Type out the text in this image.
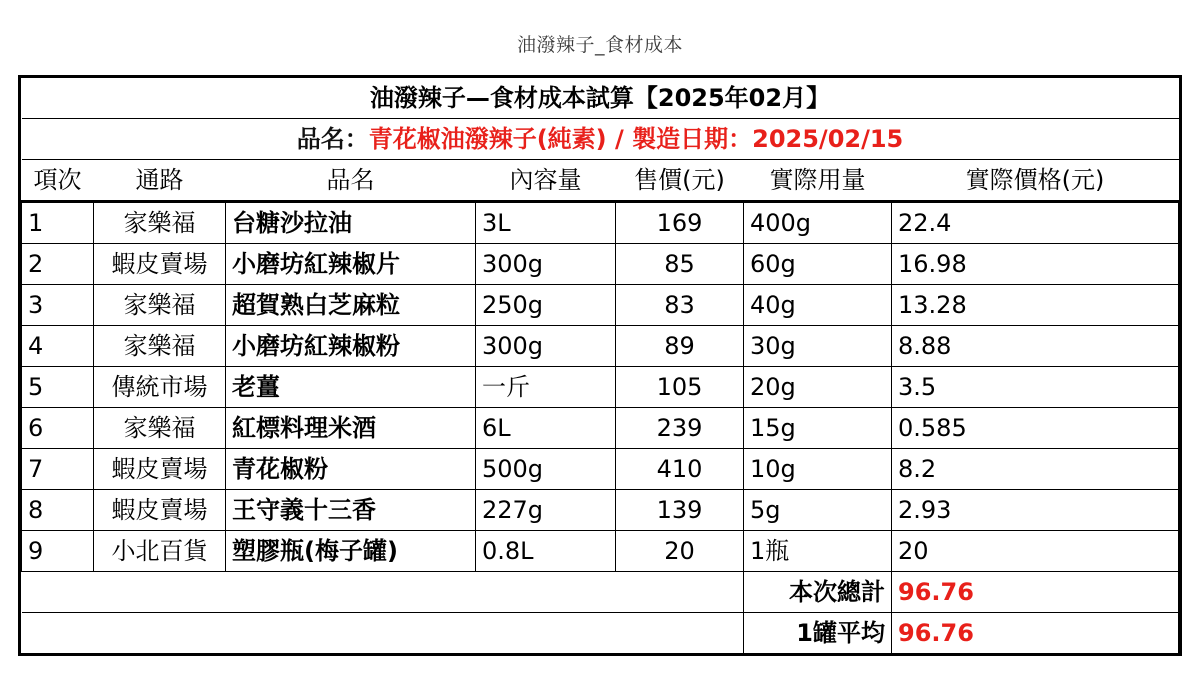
油潑辣子_食材成本
油潑辣子—食材成本試算【2025年02月】						
品名：青花椒油潑辣子(純素) / 製造日期：2025/02/15						
項次	通路	品名	內容量	售價(元)	實際用量	實際價格(元)
1	家樂福	台糖沙拉油	3L	169	400g	22.4
2	蝦皮賣場	小磨坊紅辣椒片	300g	85	60g	16.98
3	家樂福	超賀熟白芝麻粒	250g	83	40g	13.28
4	家樂福	小磨坊紅辣椒粉	300g	89	30g	8.88
5	傳統市場	老薑	一斤	105	20g	3.5
6	家樂福	紅標料理米酒	6L	239	15g	0.585
7	蝦皮賣場	青花椒粉	500g	410	10g	8.2
8	蝦皮賣場	王守義十三香	227g	139	5g	2.93
9	小北百貨	塑膠瓶(梅子罐)	0.8L	20	1瓶	20
					本次總計	96.76
					1罐平均	96.76
